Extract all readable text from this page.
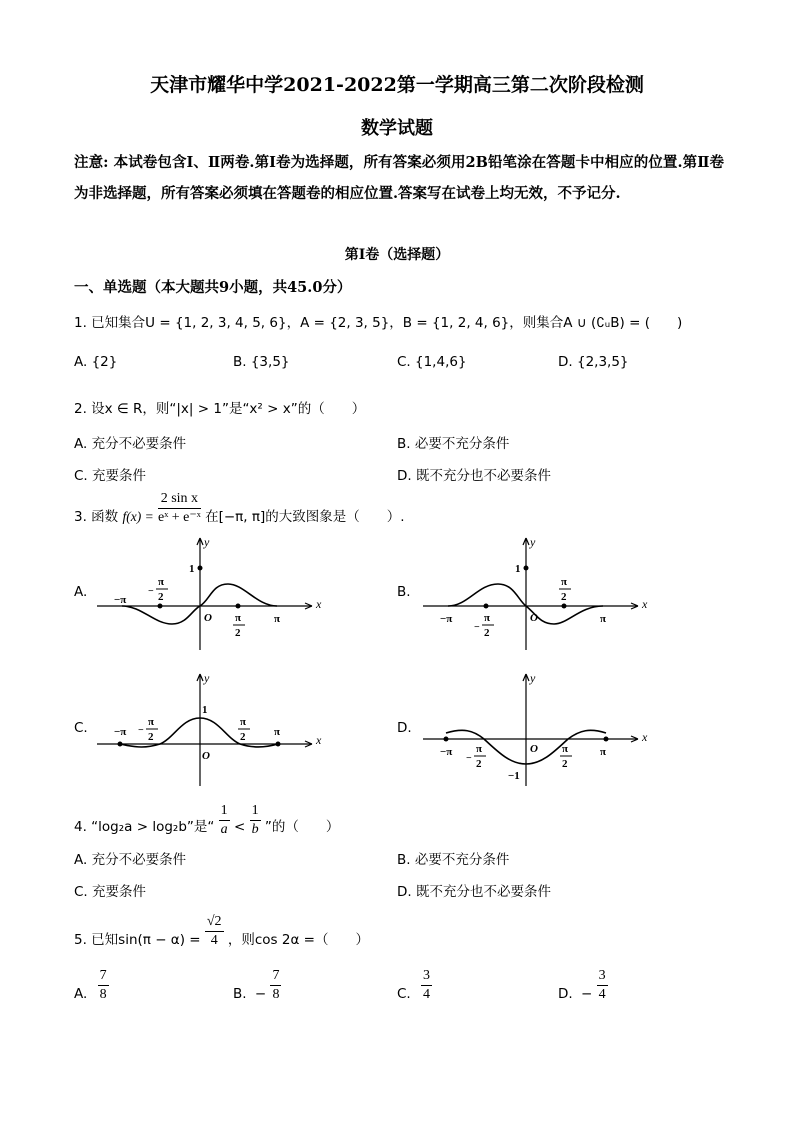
天津市耀华中学2021-2022第一学期高三第二次阶段检测
数学试题
注意: 本试卷包含Ⅰ、Ⅱ两卷.第Ⅰ卷为选择题，所有答案必须用2B铅笔涂在答题卡中相应的位置.第Ⅱ卷为非选择题，所有答案必须填在答题卷的相应位置.答案写在试卷上均无效，不予记分.
第Ⅰ卷（选择题）
一、单选题（本大题共9小题，共45.0分）
1. 已知集合U = {1, 2, 3, 4, 5, 6}，A = {2, 3, 5}，B = {1, 2, 4, 6}，则集合A ∪ (∁ᵤB) = (　　)
A. {2}	B. {3,5}	C. {1,4,6}	D. {2,3,5}
2. 设x ∈ R，则“|x| > 1”是“x² > x”的（　　）
A. 充分不必要条件	B. 必要不充分条件
C. 充要条件	D. 既不充分也不必要条件
3. 函数 $f(x) = \frac{\text{2 sin x}}{\text{eˣ + e⁻ˣ}}$ 在[−π, π]的大致图象是（　　）.
A.	B.
C.	D.
x
y
1
O
−π
−
π
2
π
2
π
x
y
1
O
−π
−
π
2
π
2
π
x
y
1
O
−π −
π
2
π
2	π	x
y
−1
O
−π
−
π
2
π
2
π
4. “log₂a > log₂b”是“ $\frac{1}{a} < \frac{1}{b}$ ”的（　　）
A. 充分不必要条件	B. 必要不充分条件
C. 充要条件	D. 既不充分也不必要条件
5. 已知$\sin(\pi - \alpha) = \frac{√2}{4}$ ，则cos 2α =（　　）
A. $\frac{7}{8}$	B. − $\frac{7}{8}$	C. $\frac{3}{4}$	D. − $\frac{3}{4}$
